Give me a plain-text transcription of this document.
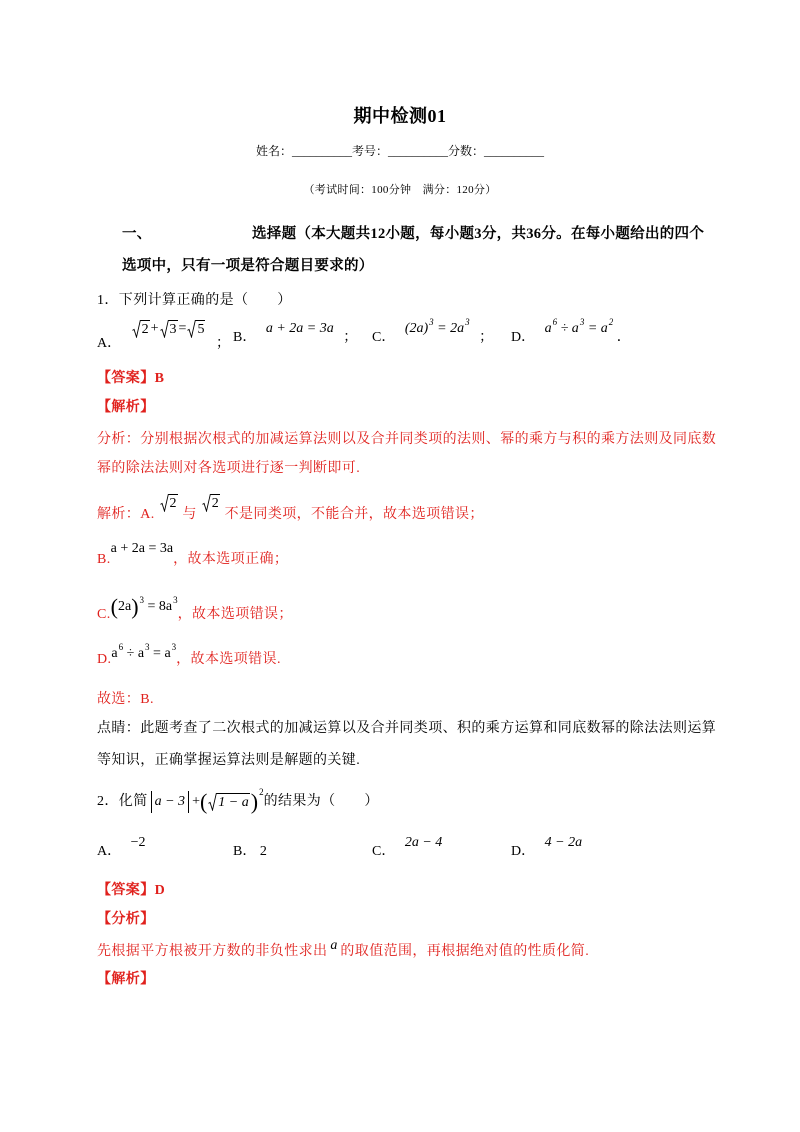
期中检测01
姓名：__________考号：__________分数：__________
（考试时间：100分钟　满分：120分）
一、	选择题（本大题共12小题，每小题3分，共36分。在每小题给出的四个
选项中，只有一项是符合题目要求的）
1．下列计算正确的是（　　）
A．
2 + 3 = 5
； B． a + 2a = 3a ； C．
(2a) 3 = 2a 3
； D．
a 6 ÷ a 3 = a 2
．
【答案】B
【解析】
分析：分别根据次根式的加减运算法则以及合并同类项的法则、幂的乘方与积的乘方法则及同底数
幂的除法法则对各选项进行逐一判断即可.
解析：A.
2
与
2
不是同类项，不能合并，故本选项错误；
B.a + 2a = 3a，故本选项正确；
C. ( 2a ) 3 = 8a 3
，故本选项错误；
D. a 6 ÷ a 3 = a 3
，故本选项错误.
故选：B.
点睛：此题考查了二次根式的加减运算以及合并同类项、积的乘方运算和同底数幂的除法法则运算
等知识，正确掌握运算法则是解题的关键.
2．化简 a − 3 + ( 1 − a ) 2
的结果为（　　）
A． −2
B． 2	C． 2a − 4
D． 4 − 2a
【答案】D
【分析】
先根据平方根被开方数的非负性求出 a 的取值范围，再根据绝对值的性质化简.
【解析】
